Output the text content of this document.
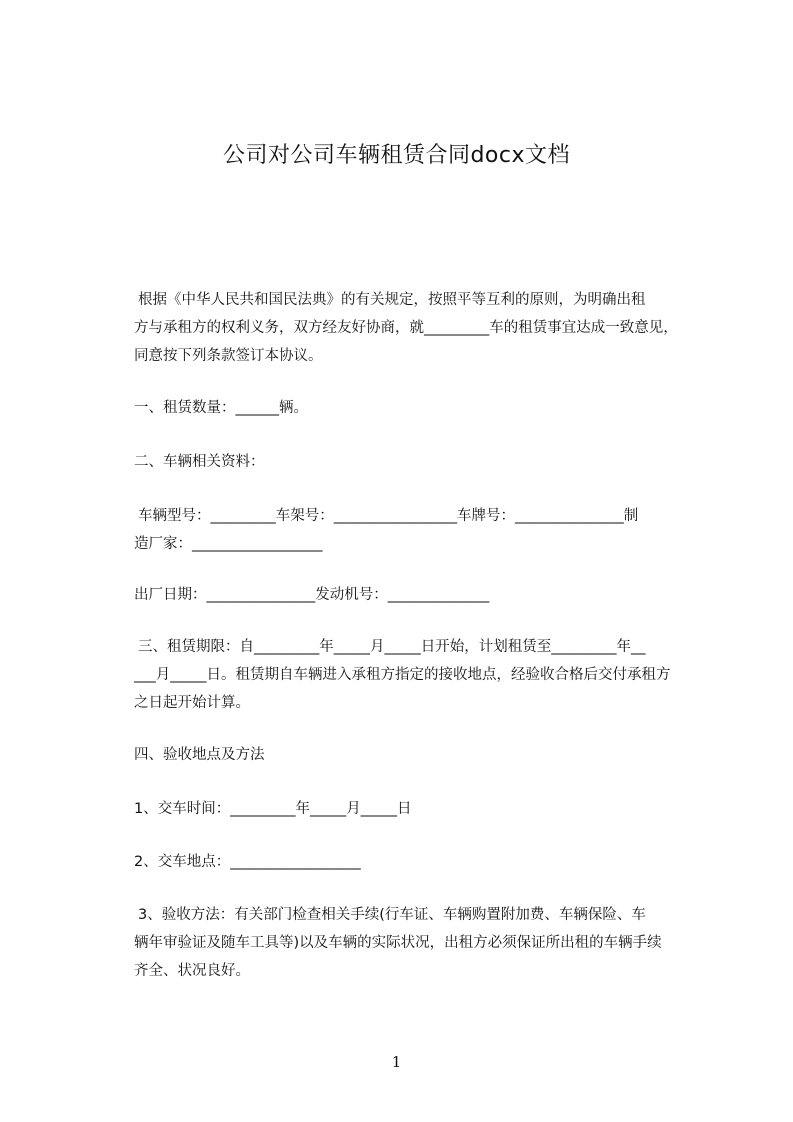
公司对公司车辆租赁合同docx文档
根据《中华人民共和国民法典》的有关规定，按照平等互利的原则，为明确出租
方与承租方的权利义务，双方经友好协商，就_________车的租赁事宜达成一致意见，
同意按下列条款签订本协议。
一、租赁数量：______辆。
二、车辆相关资料：
车辆型号：_________车架号：_________________车牌号：_______________制
造厂家：__________________
出厂日期：_______________发动机号：______________
三、租赁期限：自_________年_____月_____日开始，计划租赁至_________年__
___月_____日。租赁期自车辆进入承租方指定的接收地点，经验收合格后交付承租方
之日起开始计算。
四、验收地点及方法
1、交车时间：_________年_____月_____日
2、交车地点：__________________
3、验收方法：有关部门检查相关手续(行车证、车辆购置附加费、车辆保险、车
辆年审验证及随车工具等)以及车辆的实际状况，出租方必须保证所出租的车辆手续
齐全、状况良好。
1
